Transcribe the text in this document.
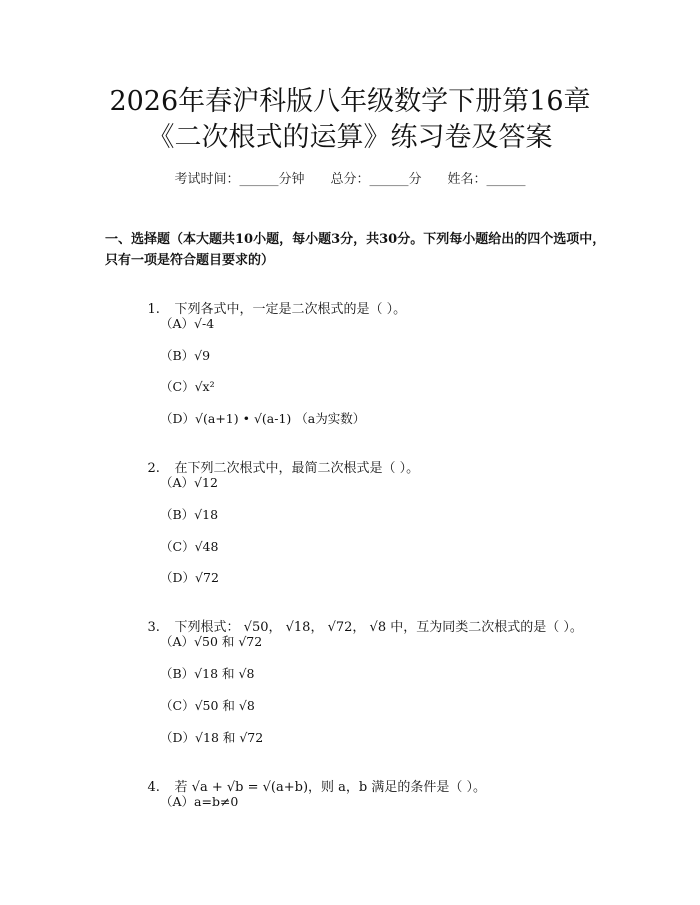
2026年春沪科版八年级数学下册第16章
《二次根式的运算》练习卷及答案
考试时间：______分钟　　总分：______分　　姓名：______
一、选择题（本大题共10小题，每小题3分，共30分。下列每小题给出的四个选项中，只有一项是符合题目要求的）

1. 下列各式中，一定是二次根式的是（ ）。

（A）√-4
（B）√9
（C）√x²
（D）√(a+1) • √(a-1) （a为实数）

2. 在下列二次根式中，最简二次根式是（ ）。

（A）√12
（B）√18
（C）√48
（D）√72

3. 下列根式： √50， √18， √72， √8 中，互为同类二次根式的是（ ）。

（A）√50 和 √72
（B）√18 和 √8
（C）√50 和 √8
（D）√18 和 √72

4. 若 √a + √b = √(a+b)，则 a，b 满足的条件是（ ）。

（A）a=b≠0
